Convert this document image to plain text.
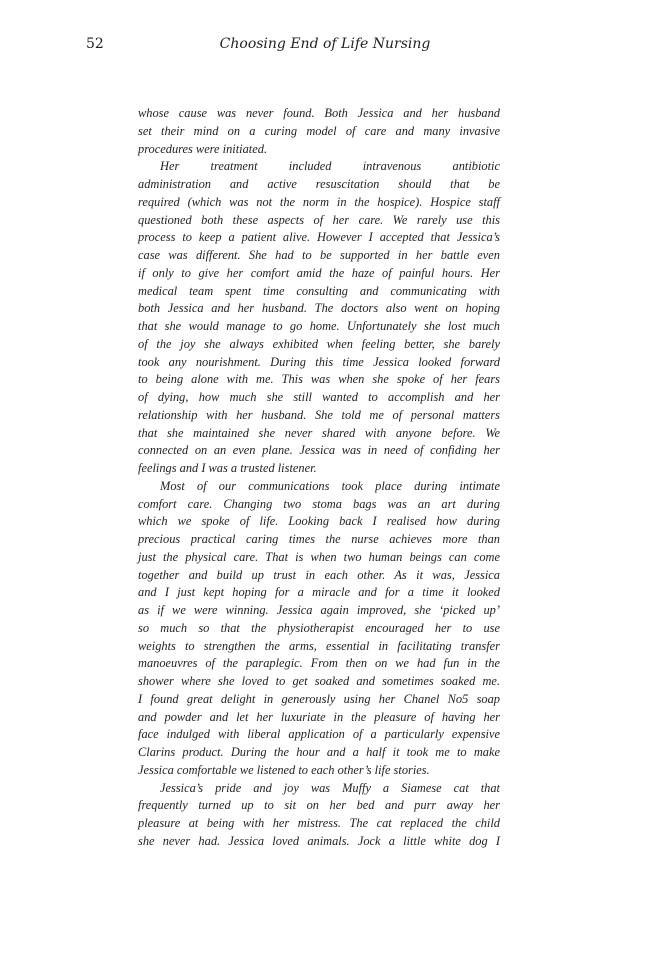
52	Choosing End of Life Nursing
whose cause was never found. Both Jessica and her husband
set their mind on a curing model of care and many invasive
procedures were initiated.
Her treatment included intravenous antibiotic
administration and active resuscitation should that be
required (which was not the norm in the hospice). Hospice staff
questioned both these aspects of her care. We rarely use this
process to keep a patient alive. However I accepted that Jessica’s
case was different. She had to be supported in her battle even
if only to give her comfort amid the haze of painful hours. Her
medical team spent time consulting and communicating with
both Jessica and her husband. The doctors also went on hoping
that she would manage to go home. Unfortunately she lost much
of the joy she always exhibited when feeling better, she barely
took any nourishment. During this time Jessica looked forward
to being alone with me. This was when she spoke of her fears
of dying, how much she still wanted to accomplish and her
relationship with her husband. She told me of personal matters
that she maintained she never shared with anyone before. We
connected on an even plane. Jessica was in need of confiding her
feelings and I was a trusted listener.
Most of our communications took place during intimate
comfort care. Changing two stoma bags was an art during
which we spoke of life. Looking back I realised how during
precious practical caring times the nurse achieves more than
just the physical care. That is when two human beings can come
together and build up trust in each other. As it was, Jessica
and I just kept hoping for a miracle and for a time it looked
as if we were winning. Jessica again improved, she ‘picked up’
so much so that the physiotherapist encouraged her to use
weights to strengthen the arms, essential in facilitating transfer
manoeuvres of the paraplegic. From then on we had fun in the
shower where she loved to get soaked and sometimes soaked me.
I found great delight in generously using her Chanel No5 soap
and powder and let her luxuriate in the pleasure of having her
face indulged with liberal application of a particularly expensive
Clarins product. During the hour and a half it took me to make
Jessica comfortable we listened to each other’s life stories.
Jessica’s pride and joy was Muffy a Siamese cat that
frequently turned up to sit on her bed and purr away her
pleasure at being with her mistress. The cat replaced the child
she never had. Jessica loved animals. Jock a little white dog I
